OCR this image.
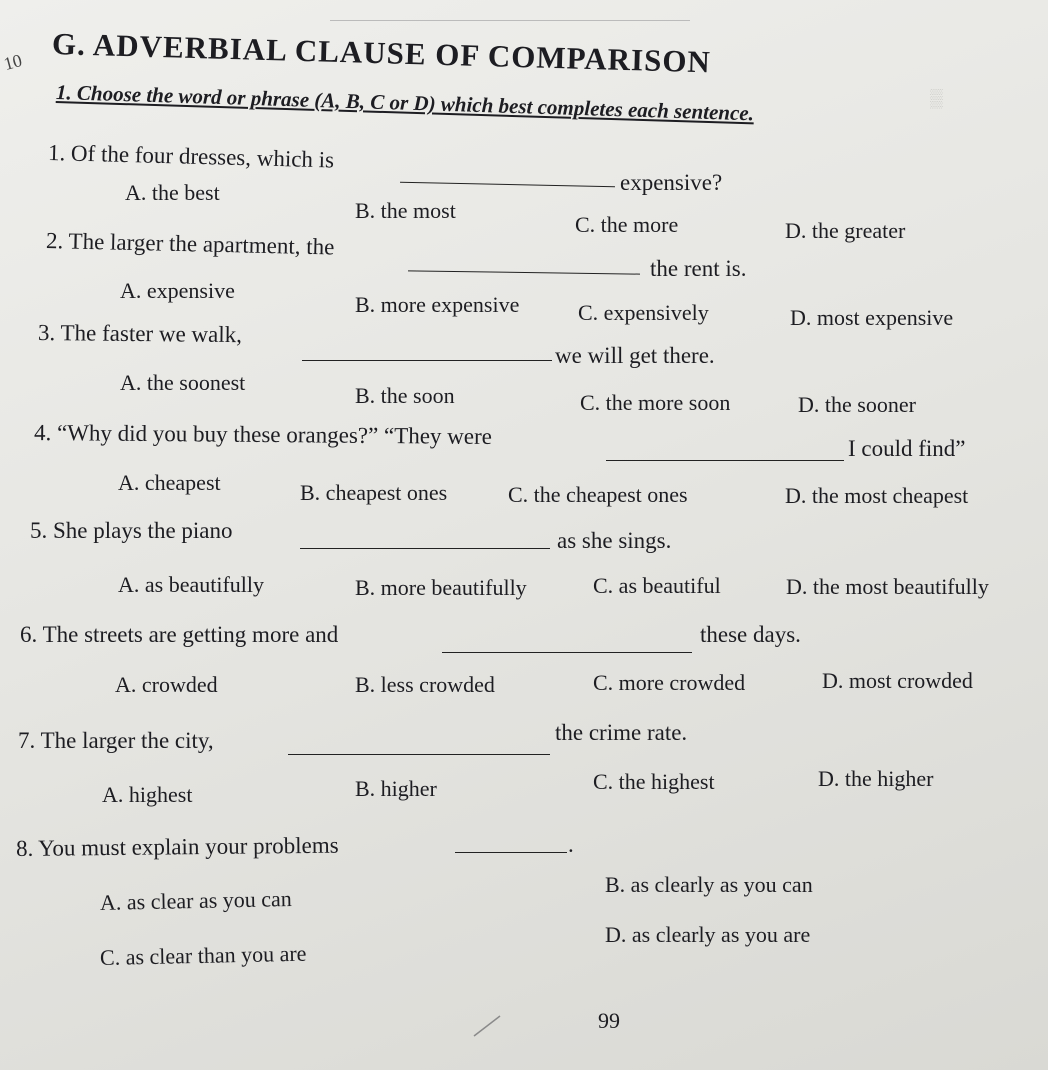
▒
10 G. ADVERBIAL CLAUSE OF COMPARISON
1. Choose the word or phrase (A, B, C or D) which best completes each sentence.
1. Of the four dresses, which is
expensive?
A. the best
B. the most
C. the more	D. the greater
2. The larger the apartment, the
the rent is.
A. expensive
B. more expensive	C. expensively	D. most expensive
3. The faster we walk,
we will get there.
A. the soonest
B. the soon	C. the more soon	D. the sooner
4. “Why did you buy these oranges?” “They were	I could find”
A. cheapest	B. cheapest ones	C. the cheapest ones	D. the most cheapest
5. She plays the piano	as she sings.
A. as beautifully	B. more beautifully	C. as beautiful	D. the most beautifully
6. The streets are getting more and	these days.
A. crowded	B. less crowded	C. more crowded	D. most crowded
7. The larger the city,	the crime rate.
A. highest	B. higher	C. the highest	D. the higher
8. You must explain your problems	.
A. as clear as you can
B. as clearly as you can
C. as clear than you are
D. as clearly as you are
99
